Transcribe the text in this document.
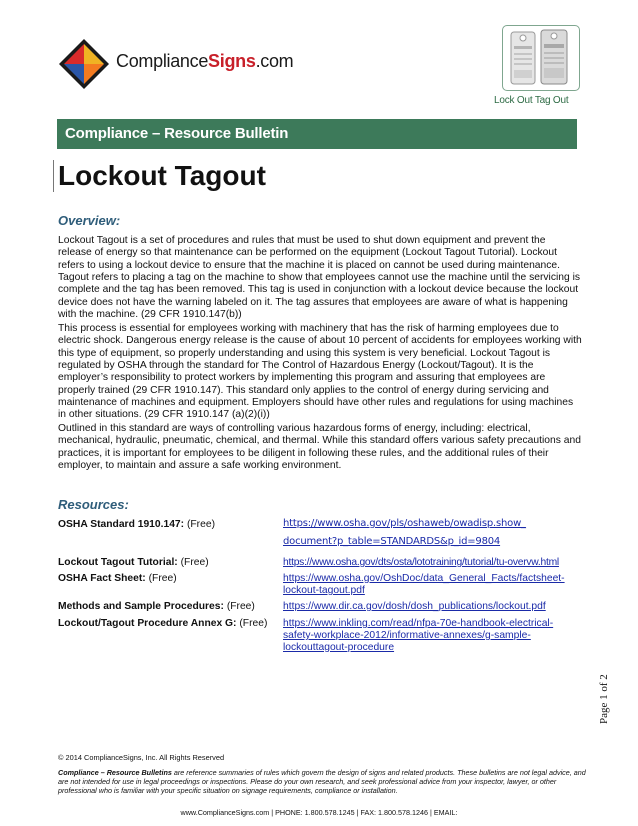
ComplianceSigns.com
Lock Out Tag Out
Compliance – Resource Bulletin
Lockout Tagout
Overview:
Lockout Tagout is a set of procedures and rules that must be used to shut down equipment and prevent the release of energy so that maintenance can be performed on the equipment (Lockout Tagout Tutorial). Lockout refers to using a lockout device to ensure that the machine it is placed on cannot be used during maintenance. Tagout refers to placing a tag on the machine to show that employees cannot use the machine until the servicing is complete and the tag has been removed. This tag is used in conjunction with a lockout device because the lockout device does not have the warning labeled on it. The tag assures that employees are aware of what is happening with the machine. (29 CFR 1910.147(b))
This process is essential for employees working with machinery that has the risk of harming employees due to electric shock. Dangerous energy release is the cause of about 10 percent of accidents for employees working with this type of equipment, so properly understanding and using this system is very beneficial. Lockout Tagout is regulated by OSHA through the standard for The Control of Hazardous Energy (Lockout/Tagout). It is the employer’s responsibility to protect workers by implementing this program and assuring that employees are properly trained (29 CFR 1910.147). This standard only applies to the control of energy during servicing and maintenance of machines and equipment. Employers should have other rules and regulations for using machines in other situations. (29 CFR 1910.147 (a)(2)(i))
Outlined in this standard are ways of controlling various hazardous forms of energy, including: electrical, mechanical, hydraulic, pneumatic, chemical, and thermal. While this standard offers various safety precautions and practices, it is important for employees to be diligent in following these rules, and the additional rules of their employer, to maintain and assure a safe working environment.
Resources:
OSHA Standard 1910.147: (Free)	https://www.osha.gov/pls/oshaweb/owadisp.show_ document?p_table=STANDARDS&p_id=9804
Lockout Tagout Tutorial: (Free)	https://www.osha.gov/dts/osta/lototraining/tutorial/tu-overvw.html
OSHA Fact Sheet: (Free)	https://www.osha.gov/OshDoc/data_General_Facts/factsheet-lockout-tagout.pdf
Methods and Sample Procedures: (Free)	https://www.dir.ca.gov/dosh/dosh_publications/lockout.pdf
Lockout/Tagout Procedure Annex G: (Free) https://www.inkling.com/read/nfpa-70e-handbook-electrical-safety-workplace-2012/informative-annexes/g-sample-lockouttagout-procedure
Page 1 of 2
© 2014 ComplianceSigns, Inc. All Rights Reserved
Compliance – Resource Bulletins are reference summaries of rules which govern the design of signs and related products. These bulletins are not legal advice, and are not intended for use in legal proceedings or inspections. Please do your own research, and seek professional advice from your inspector, lawyer, or other professional who is familiar with your specific situation on signage requirements, compliance or installation.
www.ComplianceSigns.com | PHONE: 1.800.578.1245 | FAX: 1.800.578.1246 | EMAIL:
